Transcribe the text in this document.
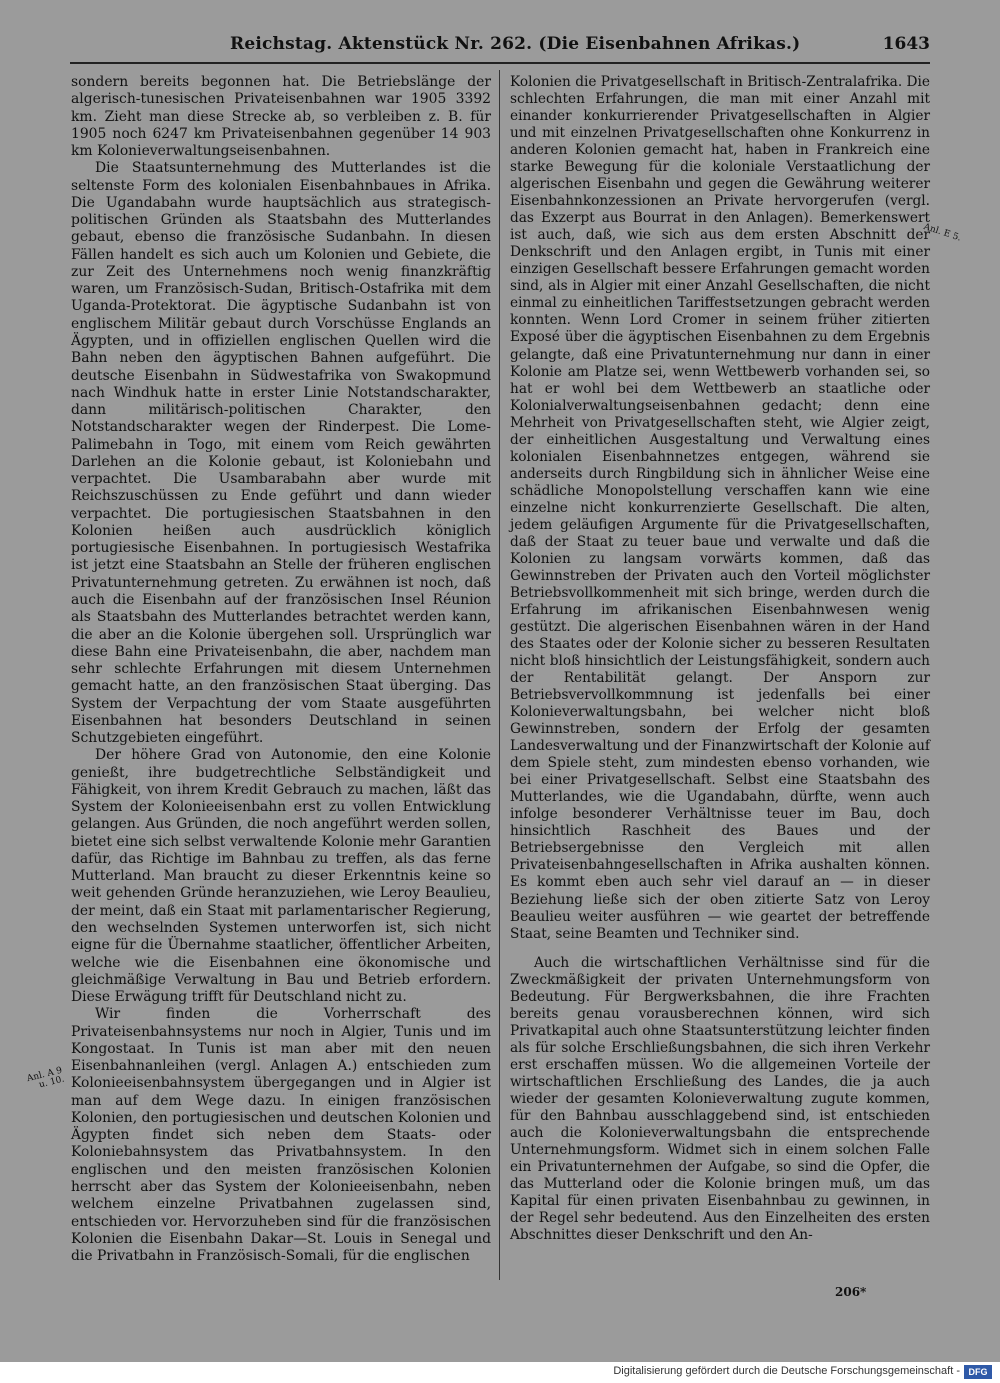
Reichstag. Aktenstück Nr. 262. (Die Eisenbahnen Afrikas.)	1643

sondern bereits begonnen hat. Die Betriebslänge der algerisch-tunesischen Privateisenbahnen war 1905 3392 km. Zieht man diese Strecke ab, so verbleiben z. B. für 1905 noch 6247 km Privateisenbahnen gegenüber 14 903 km Kolonieverwaltungseisenbahnen.

Die Staatsunternehmung des Mutterlandes ist die seltenste Form des kolonialen Eisenbahnbaues in Afrika. Die Ugandabahn wurde hauptsächlich aus strategisch-politischen Gründen als Staatsbahn des Mutterlandes gebaut, ebenso die französische Sudanbahn. In diesen Fällen handelt es sich auch um Kolonien und Gebiete, die zur Zeit des Unternehmens noch wenig finanzkräftig waren, um Französisch-Sudan, Britisch-Ostafrika mit dem Uganda-Protektorat. Die ägyptische Sudanbahn ist von englischem Militär gebaut durch Vorschüsse Englands an Ägypten, und in offiziellen englischen Quellen wird die Bahn neben den ägyptischen Bahnen aufgeführt. Die deutsche Eisenbahn in Südwestafrika von Swakopmund nach Windhuk hatte in erster Linie Notstandscharakter, dann militärisch-politischen Charakter, den Notstandscharakter wegen der Rinderpest. Die Lome-Palimebahn in Togo, mit einem vom Reich gewährten Darlehen an die Kolonie gebaut, ist Koloniebahn und verpachtet. Die Usambarabahn aber wurde mit Reichszuschüssen zu Ende geführt und dann wieder verpachtet. Die portugiesischen Staatsbahnen in den Kolonien heißen auch ausdrücklich königlich portugiesische Eisenbahnen. In portugiesisch Westafrika ist jetzt eine Staatsbahn an Stelle der früheren englischen Privatunternehmung getreten. Zu erwähnen ist noch, daß auch die Eisenbahn auf der französischen Insel Réunion als Staatsbahn des Mutterlandes betrachtet werden kann, die aber an die Kolonie übergehen soll. Ursprünglich war diese Bahn eine Privateisenbahn, die aber, nachdem man sehr schlechte Erfahrungen mit diesem Unternehmen gemacht hatte, an den französischen Staat überging. Das System der Verpachtung der vom Staate ausgeführten Eisenbahnen hat besonders Deutschland in seinen Schutzgebieten eingeführt.

Der höhere Grad von Autonomie, den eine Kolonie genießt, ihre budgetrechtliche Selbständigkeit und Fähigkeit, von ihrem Kredit Gebrauch zu machen, läßt das System der Kolonieeisenbahn erst zu vollen Entwicklung gelangen. Aus Gründen, die noch angeführt werden sollen, bietet eine sich selbst verwaltende Kolonie mehr Garantien dafür, das Richtige im Bahnbau zu treffen, als das ferne Mutterland. Man braucht zu dieser Erkenntnis keine so weit gehenden Gründe heranzuziehen, wie Leroy Beaulieu, der meint, daß ein Staat mit parlamentarischer Regierung, den wechselnden Systemen unterworfen ist, sich nicht eigne für die Übernahme staatlicher, öffentlicher Arbeiten, welche wie die Eisenbahnen eine ökonomische und gleichmäßige Verwaltung in Bau und Betrieb erfordern. Diese Erwägung trifft für Deutschland nicht zu.

Wir finden die Vorherrschaft des Privateisenbahnsystems nur noch in Algier, Tunis und im Kongostaat. In Tunis ist man aber mit den neuen Eisenbahnanleihen (vergl. Anlagen A.) entschieden zum Kolonieeisenbahnsystem übergegangen und in Algier ist man auf dem Wege dazu. In einigen französischen Kolonien, den portugiesischen und deutschen Kolonien und Ägypten findet sich neben dem Staats- oder Koloniebahnsystem das Privatbahnsystem. In den englischen und den meisten französischen Kolonien herrscht aber das System der Kolonieeisenbahn, neben welchem einzelne Privatbahnen zugelassen sind, entschieden vor. Hervorzuheben sind für die französischen Kolonien die Eisenbahn Dakar—St. Louis in Senegal und die Privatbahn in Französisch-Somali, für die englischen

Kolonien die Privatgesellschaft in Britisch-Zentralafrika. Die schlechten Erfahrungen, die man mit einer Anzahl mit einander konkurrierender Privatgesellschaften in Algier und mit einzelnen Privatgesellschaften ohne Konkurrenz in anderen Kolonien gemacht hat, haben in Frankreich eine starke Bewegung für die koloniale Verstaatlichung der algerischen Eisenbahn und gegen die Gewährung weiterer Eisenbahnkonzessionen an Private hervorgerufen (vergl. das Exzerpt aus Bourrat in den Anlagen). Bemerkenswert ist auch, daß, wie sich aus dem ersten Abschnitt der Denkschrift und den Anlagen ergibt, in Tunis mit einer einzigen Gesellschaft bessere Erfahrungen gemacht worden sind, als in Algier mit einer Anzahl Gesellschaften, die nicht einmal zu einheitlichen Tariffestsetzungen gebracht werden konnten. Wenn Lord Cromer in seinem früher zitierten Exposé über die ägyptischen Eisenbahnen zu dem Ergebnis gelangte, daß eine Privatunternehmung nur dann in einer Kolonie am Platze sei, wenn Wettbewerb vorhanden sei, so hat er wohl bei dem Wettbewerb an staatliche oder Kolonialverwaltungseisenbahnen gedacht; denn eine Mehrheit von Privatgesellschaften steht, wie Algier zeigt, der einheitlichen Ausgestaltung und Verwaltung eines kolonialen Eisenbahnnetzes entgegen, während sie anderseits durch Ringbildung sich in ähnlicher Weise eine schädliche Monopolstellung verschaffen kann wie eine einzelne nicht konkurrenzierte Gesellschaft. Die alten, jedem geläufigen Argumente für die Privatgesellschaften, daß der Staat zu teuer baue und verwalte und daß die Kolonien zu langsam vorwärts kommen, daß das Gewinnstreben der Privaten auch den Vorteil möglichster Betriebsvollkommenheit mit sich bringe, werden durch die Erfahrung im afrikanischen Eisenbahnwesen wenig gestützt. Die algerischen Eisenbahnen wären in der Hand des Staates oder der Kolonie sicher zu besseren Resultaten nicht bloß hinsichtlich der Leistungsfähigkeit, sondern auch der Rentabilität gelangt. Der Ansporn zur Betriebsvervollkommnung ist jedenfalls bei einer Kolonieverwaltungsbahn, bei welcher nicht bloß Gewinnstreben, sondern der Erfolg der gesamten Landesverwaltung und der Finanzwirtschaft der Kolonie auf dem Spiele steht, zum mindesten ebenso vorhanden, wie bei einer Privatgesellschaft. Selbst eine Staatsbahn des Mutterlandes, wie die Ugandabahn, dürfte, wenn auch infolge besonderer Verhältnisse teuer im Bau, doch hinsichtlich Raschheit des Baues und der Betriebsergebnisse den Vergleich mit allen Privateisenbahngesellschaften in Afrika aushalten können. Es kommt eben auch sehr viel darauf an — in dieser Beziehung ließe sich der oben zitierte Satz von Leroy Beaulieu weiter ausführen — wie geartet der betreffende Staat, seine Beamten und Techniker sind.

Auch die wirtschaftlichen Verhältnisse sind für die Zweckmäßigkeit der privaten Unternehmungsform von Bedeutung. Für Bergwerksbahnen, die ihre Frachten bereits genau vorausberechnen können, wird sich Privatkapital auch ohne Staatsunterstützung leichter finden als für solche Erschließungsbahnen, die sich ihren Verkehr erst erschaffen müssen. Wo die allgemeinen Vorteile der wirtschaftlichen Erschließung des Landes, die ja auch wieder der gesamten Kolonieverwaltung zugute kommen, für den Bahnbau ausschlaggebend sind, ist entschieden auch die Kolonieverwaltungsbahn die entsprechende Unternehmungsform. Widmet sich in einem solchen Falle ein Privatunternehmen der Aufgabe, so sind die Opfer, die das Mutterland oder die Kolonie bringen muß, um das Kapital für einen privaten Eisenbahnbau zu gewinnen, in der Regel sehr bedeutend. Aus den Einzelheiten des ersten Abschnittes dieser Denkschrift und den An-

Anl. E 5.
Anl. A 9 u. 10.
206*
Digitalisierung gefördert durch die Deutsche Forschungsgemeinschaft - DFG
